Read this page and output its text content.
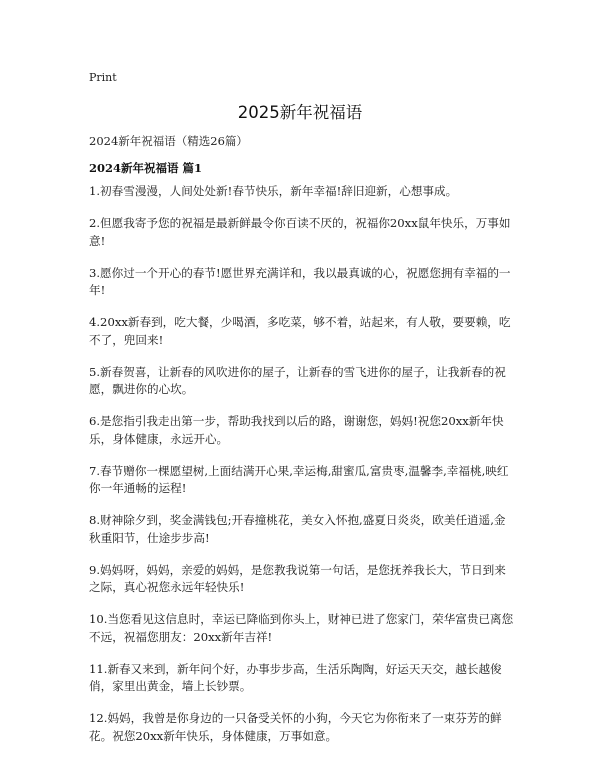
Print
2025新年祝福语
2024新年祝福语（精选26篇）
2024新年祝福语 篇1

1.初春雪漫漫，人间处处新!春节快乐，新年幸福!辞旧迎新，心想事成。

2.但愿我寄予您的祝福是最新鲜最令你百读不厌的，祝福你20xx鼠年快乐，万事如意!

3.愿你过一个开心的春节!愿世界充满详和，我以最真诚的心，祝愿您拥有幸福的一年!

4.20xx新春到，吃大餐，少喝酒，多吃菜，够不着，站起来，有人敬，要要赖，吃不了，兜回来!

5.新春贺喜，让新春的风吹进你的屋子，让新春的雪飞进你的屋子，让我新春的祝愿，飘进你的心坎。

6.是您指引我走出第一步，帮助我找到以后的路，谢谢您，妈妈!祝您20xx新年快乐，身体健康，永远开心。

7.春节赠你一棵愿望树,上面结满开心果,幸运梅,甜蜜瓜,富贵枣,温馨李,幸福桃,映红你一年通畅的运程!

8.财神除夕到，奖金满钱包;开春撞桃花，美女入怀抱,盛夏日炎炎，欧美任逍遥,金秋重阳节，仕途步步高!

9.妈妈呀，妈妈，亲爱的妈妈，是您教我说第一句话，是您抚养我长大，节日到来之际，真心祝您永远年轻快乐!

10.当您看见这信息时，幸运已降临到你头上，财神已进了您家门，荣华富贵已离您不远，祝福您朋友：20xx新年吉祥!

11.新春又来到，新年问个好，办事步步高，生活乐陶陶，好运天天交，越长越俊俏，家里出黄金，墙上长钞票。

12.妈妈，我曾是你身边的一只备受关怀的小狗，今天它为你衔来了一束芬芳的鲜花。祝您20xx新年快乐，身体健康，万事如意。
